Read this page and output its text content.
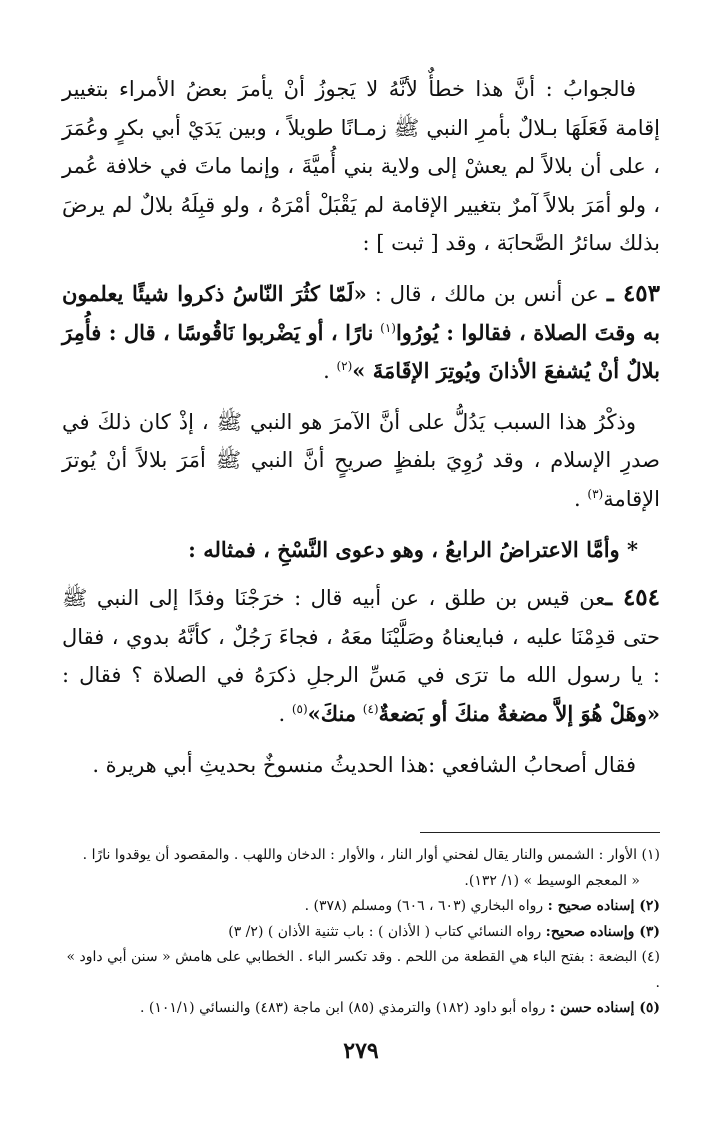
فالجوابُ : أنَّ هذا خطأٌ لأنَّهُ لا يَجوزُ أنْ يأمرَ بعضُ الأمراء بتغيير إقامة فَعَلَهَا بـلالٌ بأمرِ النبي ﷺ زمـانًا طويلاً ، وبين يَدَيْ أبي بكرٍ وعُمَرَ ، على أن بلالاً لم يعشْ إلى ولاية بني أُميَّةَ ، وإنما ماتَ في خلافة عُمر ، ولو أمَرَ بلالاً آمرٌ بتغيير الإقامة لم يَقْبَلْ أمْرَهُ ، ولو قبِلَهُ بلالٌ لم يرضَ بذلك سائرُ الصَّحابَة ، وقد [ ثبت ] :

٤٥٣ ـ عن أنس بن مالك ، قال : «لَمّا كثُرَ النّاسُ ذكروا شيئًا يعلمون به وقتَ الصلاة ، فقالوا : يُورُوا$^{(١)}$ نارًا ، أو يَضْربوا نَاقُوسًا ، قال : فأُمِرَ بلالٌ أنْ يُشفعَ الأذانَ ويُوتِرَ الإقَامَةَ »$^{(٢)}$ .

وذكْرُ هذا السبب يَدُلُّ على أنَّ الآمرَ هو النبي ﷺ ، إذْ كان ذلكَ في صدرِ الإسلام ، وقد رُوِيَ بلفظٍ صريحٍ أنَّ النبي ﷺ أمَرَ بلالاً أنْ يُوترَ الإقامة$^{(٣)}$ .

* وأمَّا الاعتراضُ الرابعُ ، وهو دعوى النَّسْخِ ، فمثاله :

٤٥٤ ـعن قيس بن طلق ، عن أبيه قال : خرَجْنَا وفدًا إلى النبي ﷺ حتى قدِمْنَا عليه ، فبايعناهُ وصَلَّيْنَا معَهُ ، فجاءَ رَجُلٌ ، كأنَّهُ بدوي ، فقال : يا رسول الله ما ترَى في مَسِّ الرجلِ ذكرَهُ في الصلاة ؟ فقال : «وهَلْ هُوَ إلاَّ مضغةٌ منكَ أو بَضعةٌ$^{(٤)}$ منكَ»$^{(٥)}$ .

فقال أصحابُ الشافعي :هذا الحديثُ منسوخٌ بحديثِ أبي هريرة .

(١) الأوار : الشمس والنار يقال لفحني أوار النار ، والأوار : الدخان واللهب . والمقصود أن يوقدوا نارًا .
« المعجم الوسيط » (١/ ١٣٢).
(٢) إسناده صحيح : رواه البخاري (٦٠٣ ، ٦٠٦) ومسلم (٣٧٨) .
(٣) وإسناده صحيح: رواه النسائي كتاب ( الأذان ) : باب تثنية الأذان ) (٢/ ٣)
(٤) البضعة : بفتح الباء هي القطعة من اللحم . وقد تكسر الباء . الخطابي على هامش « سنن أبي داود » .
(٥) إسناده حسن : رواه أبو داود (١٨٢) والترمذي (٨٥) ابن ماجة (٤٨٣) والنسائي (١٠١/١) .
٢٧٩
